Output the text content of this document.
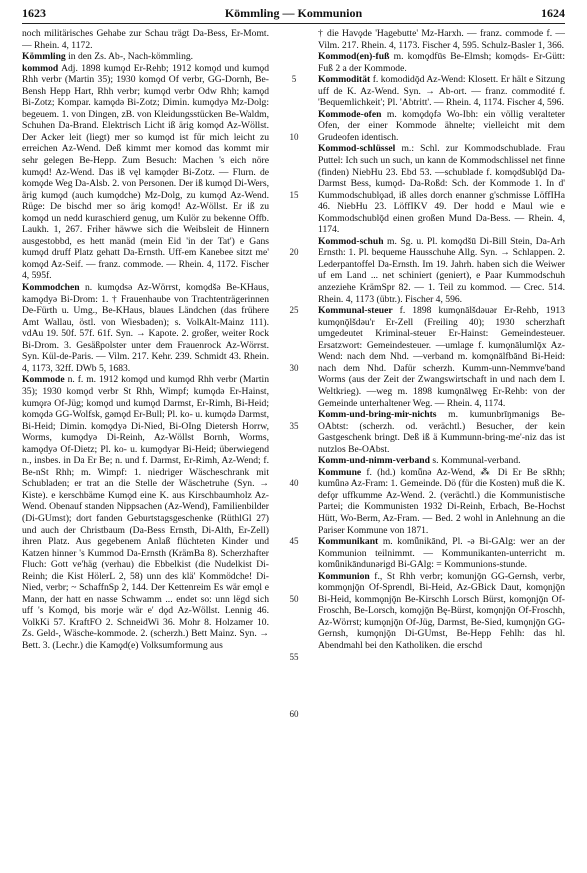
1623	Kömmling — Kommunion	1624

noch militärisches Gehabe zur Schau trägt Da-Bess, Er-Momt. — Rhein. 4, 1172.

Kömmling in den Zs. Ab-, Nach-kömmling.

kommod Adj. 1898 kumǫd Er-Rehb; 1912 komǫd und kumǫd Rhh verbr (Martin 35); 1930 komǫd Of verbr, GG-Dornh, Be-Bensh Hepp Hart, Rhh verbr; kumǫd verbr Odw Rhh; kamǫd Bi-Zotz; Kompar. kamǫdə Bi-Zotz; Dimin. kumǫdyə Mz-Dolg: begeuem. 1. von Dingen, zB. von Kleidungsstücken Be-Waldm, Schuhen Da-Brand. Elektrisch Licht iß ärig komǫd Az-Wöllst. Der Acker leit (liegt) mer so kumǫd ist für mich leicht zu erreichen Az-Wend. Deß kimmt mer komod das kommt mir sehr gelegen Be-Hepp. Zum Besuch: Machen 's eich nöre kumǫd! Az-Wend. Das iß vęl kamǫder Bi-Zotz. — Flurn. de komǫde Weg Da-Alsb. 2. von Personen. Der iß kumǫd Di-Wers, ärig kumǫd (auch kumǫdche) Mz-Dolg, zu kumǫd Az-Wend. Rüge: De bischd mer so ärig komǫd! Az-Wöllst. Er iß zu komǫd un nedd kuraschierd genug, um Kulör zu bekenne Offb. Laukh. 1, 267. Friher häwwe sich die Weibsleit de Hinnern ausgestobbd, es hett manäd (mein Eid 'in der Tat') e Gans kumǫd druff Platz gehatt Da-Ernsth. Uff-em Kanebee sitzt me' komǫd Az-Seif. — franz. commode. — Rhein. 4, 1172. Fischer 4, 595f.

Kommodchen n. kumǫdsə Az-Wörrst, komǫdšə Be-KHaus, kamǫdyə Bi-Drom: 1. † Frauenhaube von Trachtenträgerinnen De-Fürth u. Umg., Be-KHaus, blaues Ländchen (das frühere Amt Wallau, östl. von Wiesbaden); s. VolkAlt-Mainz 111). vdAu 19. 50f. 57f. 61f. Syn. → Kapote. 2. großer, weiter Rock Bi-Drom. 3. Gesäßpolster unter dem Frauenrock Az-Wörrst. Syn. Kül-de-Paris. — Vilm. 217. Kehr. 239. Schmidt 43. Rhein. 4, 1173, 32ff. DWb 5, 1683.

Kommode n. f. m. 1912 komǫd und kumǫd Rhh verbr (Martin 35); 1930 komǫd verbr St Rhh, Wimpf; kumǫdə Er-Hainst, kumǫrə Of-Jüg; komǫd und kumǫd Darmst, Er-Rimh, Bi-Heid; komǫdə GG-Wolfsk, gəmǫd Er-Bull; Pl. ko- u. kumǫdə Darmst, Bi-Heid; Dimin. komǫdyə Di-Nied, Bi-OIng Dietersh Horrw, Worms, kumǫdyə Di-Reinh, Az-Wöllst Bornh, Worms, kamǫdyə Of-Dietz; Pl. ko- u. kumǫdyər Bi-Heid; überwiegend n., insbes. in Da Er Be; n. und f. Darmst, Er-Rimh, Az-Wend; f. Be-nSt Rhh; m. Wimpf: 1. niedriger Wäscheschrank mit Schubladen; er trat an die Stelle der Wäschetruhe (Syn. → Kiste). e kerschbäme Kumǫd eine K. aus Kirschbaumholz Az-Wend. Obenauf standen Nippsachen (Az-Wend), Familienbilder (Di-GUmst); dort fanden Geburtstagsgeschenke (RüthlGl 27) und auch der Christbaum (Da-Bess Ernsth, Di-Alth, Er-Zell) ihren Platz. Aus gegebenem Anlaß flüchteten Kinder und Katzen hinner 's Kummod Da-Ernsth (KrämBa 8). Scherzhafter Fluch: Gott ve'häg (verhau) die Ebbelkist (die Nudelkist Di-Reinh; die Kist HölerL 2, 58) unn des klä' Kommödche! Di-Nied, verbr; ~ SchaffnSp 2, 144. Der Kettenreim Es wär emǫl e Mann, der hatt en nasse Schwamm ... endet so: unn lëgd sich uff 's Komǫd, bis morje wär e' dǫd Az-Wöllst. Lennig 46. VolkKi 57. KraftFO 2. SchneidWi 36. Mohr 8. Holzamer 10. Zs. Geld-, Wäsche-kommode. 2. (scherzh.) Bett Mainz. Syn. → Bett. 3. (Lechr.) die Kamǫd(e) Volksumformung aus

5
10
15
20
25
30
35
40
45
50
55
60

† die Havǫde 'Hagebutte' Mz-Harxh. — franz. commode f. — Vilm. 217. Rhein. 4, 1173. Fischer 4, 595. Schulz-Basler 1, 366.

Kommod(en)-fuß m. komǫdfūs Be-Elmsh; komǫds- Er-Gütt: Fuß 2 a der Kommode.

Kommodität f. komodidǭd Az-Wend: Klosett. Er hält e Sitzung uff de K. Az-Wend. Syn. → Ab-ort. — franz. commodité f. 'Bequemlichkeit'; Pl. 'Abtritt'. — Rhein. 4, 1174. Fischer 4, 596.

Kommode-ofen m. komǫdǫfə Wo-Ibh: ein völlig veralteter Ofen, der einer Kommode ähnelte; vielleicht mit dem Grudeofen identisch.

Kommod-schlüssel m.: Schl. zur Kommodschublade. Frau Puttel: Ich such un such, un kann de Kommodschlissel net finne (finden) NiebHu 23. Ebd 53. —schublade f. komǫdšublǭd Da-Darmst Bess, kumǫd- Da-Roßd: Sch. der Kommode 1. In d' Kummodschublǫad, iß alles dorch enanner g'schmisse LöffIHa 46. NiebHu 23. LöffIKV 49. Der hodd e Maul wie e Kommodschublǭd einen großen Mund Da-Bess. — Rhein. 4, 1174.

Kommod-schuh m. Sg. u. Pl. komǫdšū Di-Bill Stein, Da-Arh Ernsth: 1. Pl. bequeme Hausschuhe Allg. Syn. → Schlappen. 2. Lederpantoffel Da-Ernsth. Im 19. Jahrh. haben sich die Weiwer uf em Land ... net schiniert (geniert), e Paar Kummodschuh anzeziehe KrämSpr 82. — 1. Teil zu kommod. — Crec. 514. Rhein. 4, 1173 (übtr.). Fischer 4, 596.

Kommunal-steuer f. 1898 kumǫnālšdəuər Er-Rehb, 1913 kumǫnǭlšdəu'r Er-Zell (Freiling 40); 1930 scherzhaft umgedeutet Kriminal-steuer Er-Hainst: Gemeindesteuer. Ersatzwort: Gemeindesteuer. —umlage f. kumǫnālumlǭx Az-Wend: nach dem Nhd. —verband m. komǫnālfbānd Bi-Heid: nach dem Nhd. Dafür scherzh. Kumm-unn-Nemmve'band Worms (aus der Zeit der Zwangswirtschaft in und nach dem I. Weltkrieg). —weg m. 1898 kumǫnālwęg Er-Rehb: von der Gemeinde unterhaltener Weg. — Rhein. 4, 1174.

Komm-und-bring-mir-nichts m. kumunbrīŋmənigs Be-OAbtst: (scherzh. od. verächtl.) Besucher, der kein Gastgeschenk bringt. Deß iß ä Kummunn-bring-me'-niz das ist nutzlos Be-OAbst.

Komm-und-nimm-verband s. Kommunal-verband.

Kommune f. (hd.) komǖnə Az-Wend, ⁂ Di Er Be sRhh; kumǖnə Az-Fram: 1. Gemeinde. Dö (für die Kosten) muß die K. defǫr uffkumme Az-Wend. 2. (verächtl.) die Kommunistische Partei; die Kommunisten 1932 Di-Reinh, Erbach, Be-Hochst Hütt, Wo-Berm, Az-Fram. — Bed. 2 wohl in Anlehnung an die Pariser Kommune von 1871.

Kommunikant m. komǖnikānd, Pl. -ə Bi-GAlg: wer an der Kommunion teilnimmt. — Kommunikanten-unterricht m. komǖnikāndunərigd Bi-GAlg: = Kommunions-stunde.

Kommunion f., St Rhh verbr; komunjǭn GG-Gernsh, verbr, kommǫnjǭn Of-Sprendl, Bi-Heid, Az-GBick Daut, komǫnjǭn Bi-Heid, kommǫnjǭn Be-Kirschh Lorsch Bürst, komǫnjǭn Of-Froschh, Be-Lorsch, komǫjǭn Bę-Bürst, komǫnjǭn Of-Froschh, Az-Wörrst; kumǫnjǭn Of-Jüg, Darmst, Be-Sied, kumǫnjǭn GG-Gernsh, kumǫnjǭn Di-GUmst, Be-Hepp Fehlh: das hl. Abendmahl bei den Katholiken. die erschd
